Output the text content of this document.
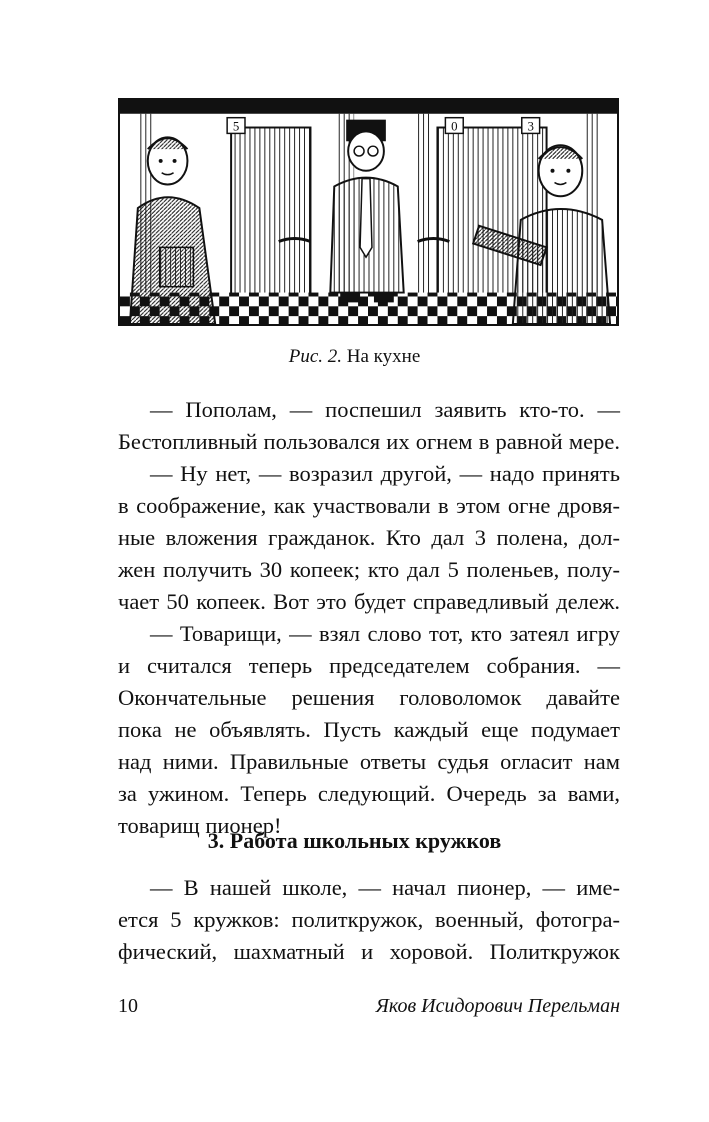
5	0	3
Рис. 2. На кухне
— Пополам, — поспешил заявить кто-то. —
Бестопливный пользовался их огнем в равной мере.
— Ну нет, — возразил другой, — надо принять
в соображение, как участвовали в этом огне дровя-
ные вложения гражданок. Кто дал 3 полена, дол-
жен получить 30 копеек; кто дал 5 поленьев, полу-
чает 50 копеек. Вот это будет справедливый дележ.
— Товарищи, — взял слово тот, кто затеял игру
и считался теперь председателем собрания. —
Окончательные решения головоломок давайте
пока не объявлять. Пусть каждый еще подумает
над ними. Правильные ответы судья огласит нам
за ужином. Теперь следующий. Очередь за вами,
товарищ пионер!
3. Работа школьных кружков
— В нашей школе, — начал пионер, — име-
ется 5 кружков: политкружок, военный, фотогра-
фический, шахматный и хоровой. Политкружок
10	Яков Исидорович Перельман
